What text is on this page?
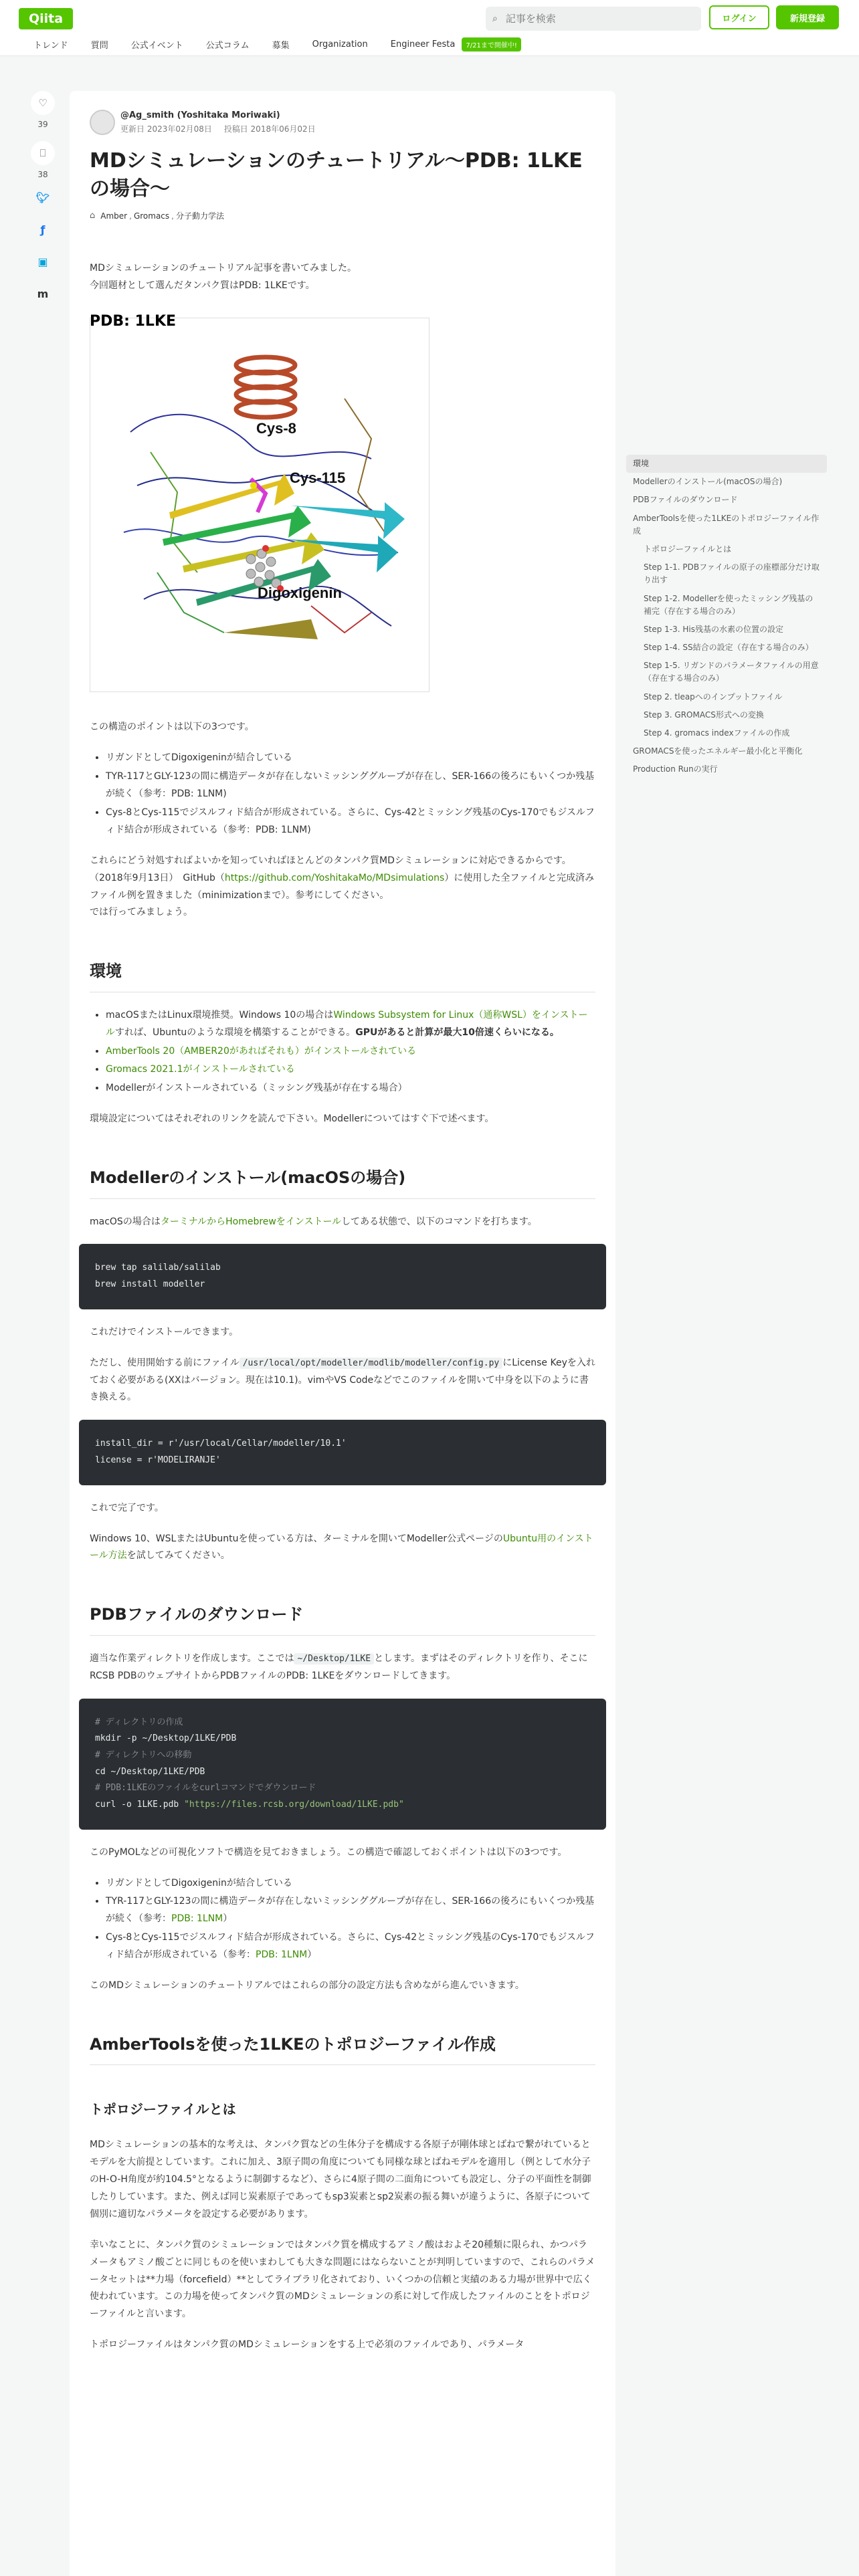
Qiita	⌕
記事を検索	ログイン	新規登録
トレンド	質問	公式イベント	公式コラム	募集	Organization	Engineer Festa	7/21まで開催中!
♡
39
⎕
38
🐦︎
ƒ
▣
m
@Ag_smith (Yoshitaka Moriwaki)
更新日 2023年02月08日 投稿日 2018年06月02日
MDシミュレーションのチュートリアル〜PDB: 1LKEの場合〜
⌂ Amber , Gromacs , 分子動力学法

MDシミュレーションのチュートリアル記事を書いてみました。
今回題材として選んだタンパク質はPDB: 1LKEです。

PDB: 1LKE
Cys-8
Cys-115
Digoxigenin

この構造のポイントは以下の3つです。

• リガンドとしてDigoxigeninが結合している
• TYR-117とGLY-123の間に構造データが存在しないミッシンググループが存在し、SER-166の後ろにもいくつか残基が続く（参考：PDB: 1LNM)
• Cys-8とCys-115でジスルフィド結合が形成されている。さらに、Cys-42とミッシング残基のCys-170でもジスルフィド結合が形成されている（参考：PDB: 1LNM)

これらにどう対処すればよいかを知っていればほとんどのタンパク質MDシミュレーションに対応できるからです。
（2018年9月13日）　GitHub（https://github.com/YoshitakaMo/MDsimulations）に使用した全ファイルと完成済みファイル例を置きました（minimizationまで）。参考にしてください。
では行ってみましょう。

環境
• macOSまたはLinux環境推奨。Windows 10の場合はWindows Subsystem for Linux（通称WSL）をインストールすれば、Ubuntuのような環境を構築することができる。GPUがあると計算が最大10倍速くらいになる。
• AmberTools 20（AMBER20があればそれも）がインストールされている
• Gromacs 2021.1がインストールされている
• Modellerがインストールされている（ミッシング残基が存在する場合）

環境設定についてはそれぞれのリンクを読んで下さい。Modellerについてはすぐ下で述べます。

Modellerのインストール(macOSの場合)

macOSの場合はターミナルからHomebrewをインストールしてある状態で、以下のコマンドを打ちます。

brew tap salilab/salilab
brew install modeller

これだけでインストールできます。

ただし、使用開始する前にファイル /usr/local/opt/modeller/modlib/modeller/config.py にLicense Keyを入れておく必要がある(XXはバージョン。現在は10.1)。vimやVS Codeなどでこのファイルを開いて中身を以下のように書き換える。

install_dir = r'/usr/local/Cellar/modeller/10.1'
license = r'MODELIRANJE'

これで完了です。

Windows 10、WSLまたはUbuntuを使っている方は、ターミナルを開いてModeller公式ページのUbuntu用のインストール方法を試してみてください。

PDBファイルのダウンロード

適当な作業ディレクトリを作成します。ここでは ~/Desktop/1LKE とします。まずはそのディレクトリを作り、そこにRCSB PDBのウェブサイトからPDBファイルのPDB: 1LKEをダウンロードしてきます。

# ディレクトリの作成
mkdir -p ~/Desktop/1LKE/PDB
# ディレクトリへの移動
cd ~/Desktop/1LKE/PDB
# PDB:1LKEのファイルをcurlコマンドでダウンロード
curl -o 1LKE.pdb "https://files.rcsb.org/download/1LKE.pdb"

このPyMOLなどの可視化ソフトで構造を見ておきましょう。この構造で確認しておくポイントは以下の3つです。

• リガンドとしてDigoxigeninが結合している
• TYR-117とGLY-123の間に構造データが存在しないミッシンググループが存在し、SER-166の後ろにもいくつか残基が続く（参考：PDB: 1LNM）
• Cys-8とCys-115でジスルフィド結合が形成されている。さらに、Cys-42とミッシング残基のCys-170でもジスルフィド結合が形成されている（参考：PDB: 1LNM）

このMDシミュレーションのチュートリアルではこれらの部分の設定方法も含めながら進んでいきます。

AmberToolsを使った1LKEのトポロジーファイル作成
トポロジーファイルとは

MDシミュレーションの基本的な考えは、タンパク質などの生体分子を構成する各原子が剛体球とばねで繋がれているとモデルを大前提としています。これに加え、3原子間の角度についても同様な球とばねモデルを適用し（例として水分子のH-O-H角度が約104.5°となるように制御するなど）、さらに4原子間の二面角についても設定し、分子の平面性を制御したりしています。また、例えば同じ炭素原子であってもsp3炭素とsp2炭素の振る舞いが違うように、各原子について個別に適切なパラメータを設定する必要があります。

幸いなことに、タンパク質のシミュレーションではタンパク質を構成するアミノ酸はおよそ20種類に限られ、かつパラメータもアミノ酸ごとに同じものを使いまわしても大きな問題にはならないことが判明していますので、これらのパラメータセットは**力場（forcefield）**としてライブラリ化されており、いくつかの信頼と実績のある力場が世界中で広く使われています。この力場を使ってタンパク質のMDシミュレーションの系に対して作成したファイルのことをトポロジーファイルと言います。

トポロジーファイルはタンパク質のMDシミュレーションをする上で必須のファイルであり、パラメータ

環境
Modellerのインストール(macOSの場合)
PDBファイルのダウンロード
AmberToolsを使った1LKEのトポロジーファイル作成
トポロジーファイルとは
Step 1-1. PDBファイルの原子の座標部分だけ取り出す
Step 1-2. Modellerを使ったミッシング残基の補完（存在する場合のみ）
Step 1-3. His残基の水素の位置の設定
Step 1-4. SS結合の設定（存在する場合のみ）
Step 1-5. リガンドのパラメータファイルの用意（存在する場合のみ）
Step 2. tleapへのインプットファイル
Step 3. GROMACS形式への変換
Step 4. gromacs indexファイルの作成
GROMACSを使ったエネルギー最小化と平衡化
Production Runの実行
